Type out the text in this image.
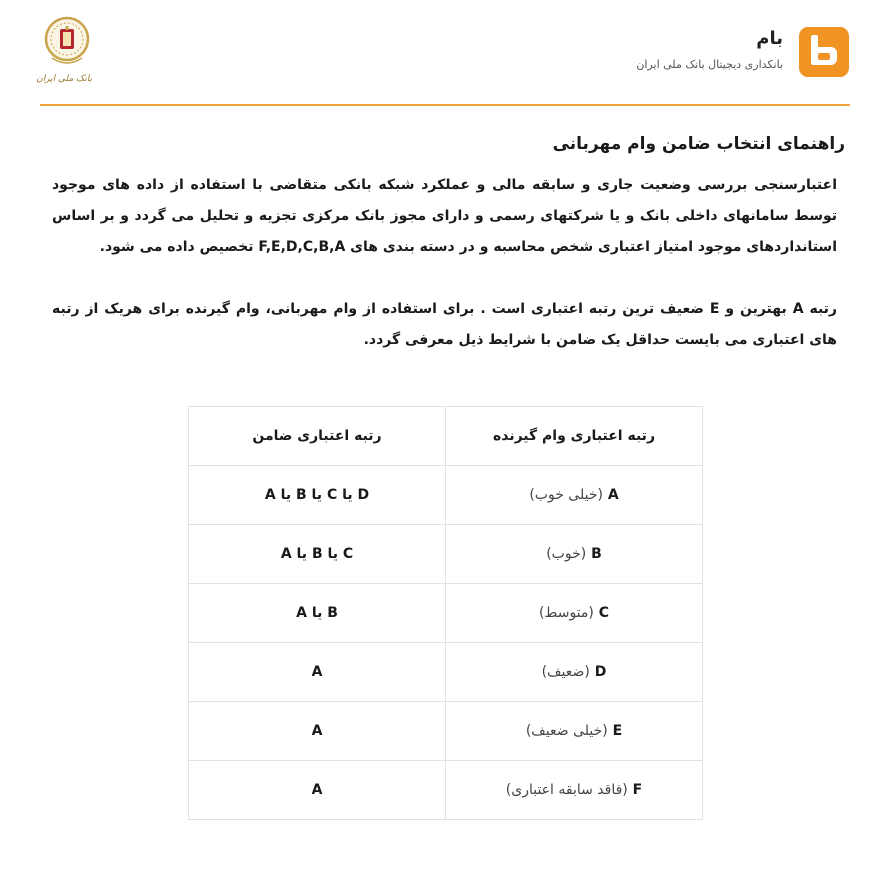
بام
بانکداری دیجیتال بانک ملی ایران
بانک ملی ایران
راهنمای انتخاب ضامن وام مهربانی

اعتبارسنجی بررسی وضعیت جاری و سابقه مالی و عملکرد شبکه بانکی متقاضی با استفاده از داده های موجود توسط سامانهای داخلی بانک و یا شرکتهای رسمی و دارای مجوز بانک مرکزی تجزیه و تحلیل می گردد و بر اساس استانداردهای موجود امتیاز اعتباری شخص محاسبه و در دسته بندی های F,E,D,C,B,A تخصیص داده می شود.

رتبه A بهترین و E ضعیف ترین رتبه اعتباری است . برای استفاده از وام مهربانی، وام گیرنده برای هریک از رتبه های اعتباری می بایست حداقل یک ضامن با شرایط ذیل معرفی گردد.

رتبه اعتباری وام گیرنده	رتبه اعتباری ضامن
A (خیلی خوب)	D یا C یا B یا A
B (خوب)	C یا B یا A
C (متوسط)	B یا A
D (ضعیف)	A
E (خیلی ضعیف)	A
F (فاقد سابقه اعتباری)	A
